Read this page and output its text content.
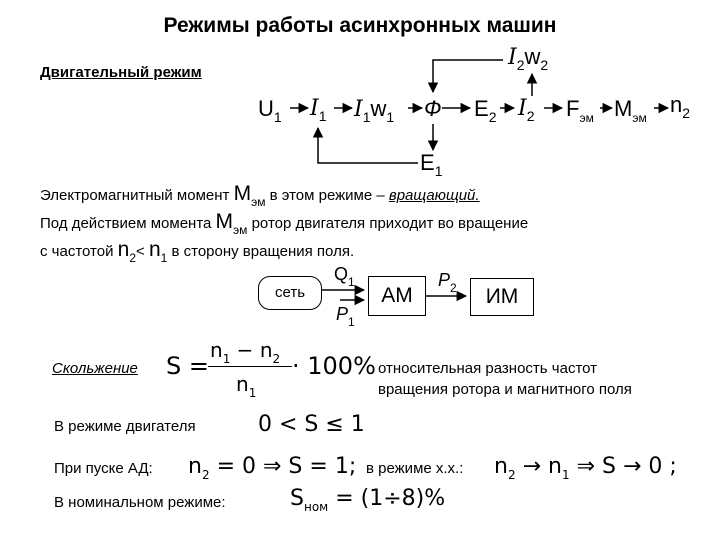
Режимы работы асинхронных машин
Двигательный режим
$I_2w_2$
$U_1$ $I_1$ $I_1w_1$ Ф $E_2$ $I_2$ $F_{эм}$ $M_{эм}$
$n_2$
$E_1$
Электромагнитный момент $M_{эм}$ в этом режиме – вращающий.
Под действием момента $M_{эм}$ ротор двигателя приходит во вращение
с частотой $n_2< n_1$ в сторону вращения поля.
сеть
$Q_1$
$P_1$
АМ
$P_2$	ИМ
Скольжение S =
$n_1 - n_2$
$n_1$
· 100% относительная разность частот
вращения ротора и магнитного поля
В режиме двигателя	0 < S ≤ 1
При пуске АД: $n_2 = 0$ ⇒ S = 1; в режиме х.х.: $n_2 \to n_1$ ⇒ S → 0 ;
В номинальном режиме:	$S_{ном} = (1\div 8)\%$
